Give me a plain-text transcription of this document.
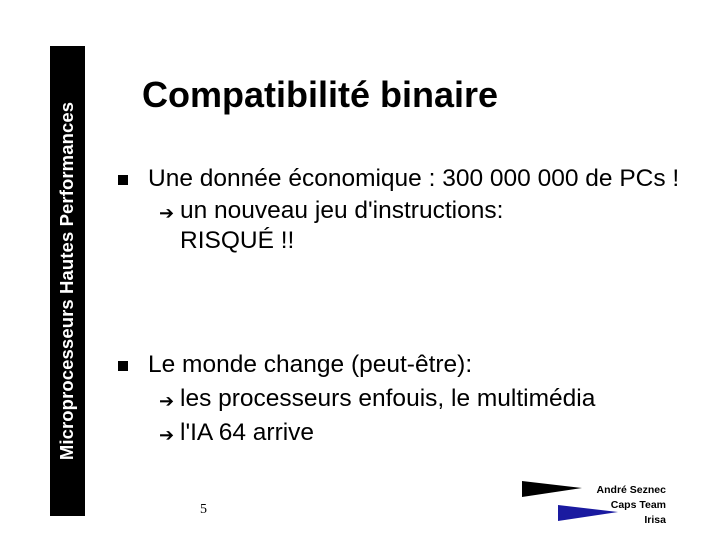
Microprocesseurs Hautes Performances
Compatibilité binaire
Une donnée économique : 300 000 000 de PCs !
➔ un nouveau jeu d'instructions: RISQUÉ !!
Le monde change (peut-être):
➔ les processeurs enfouis, le multimédia
➔ l'IA 64 arrive
5
André Seznec
Caps Team
Irisa
